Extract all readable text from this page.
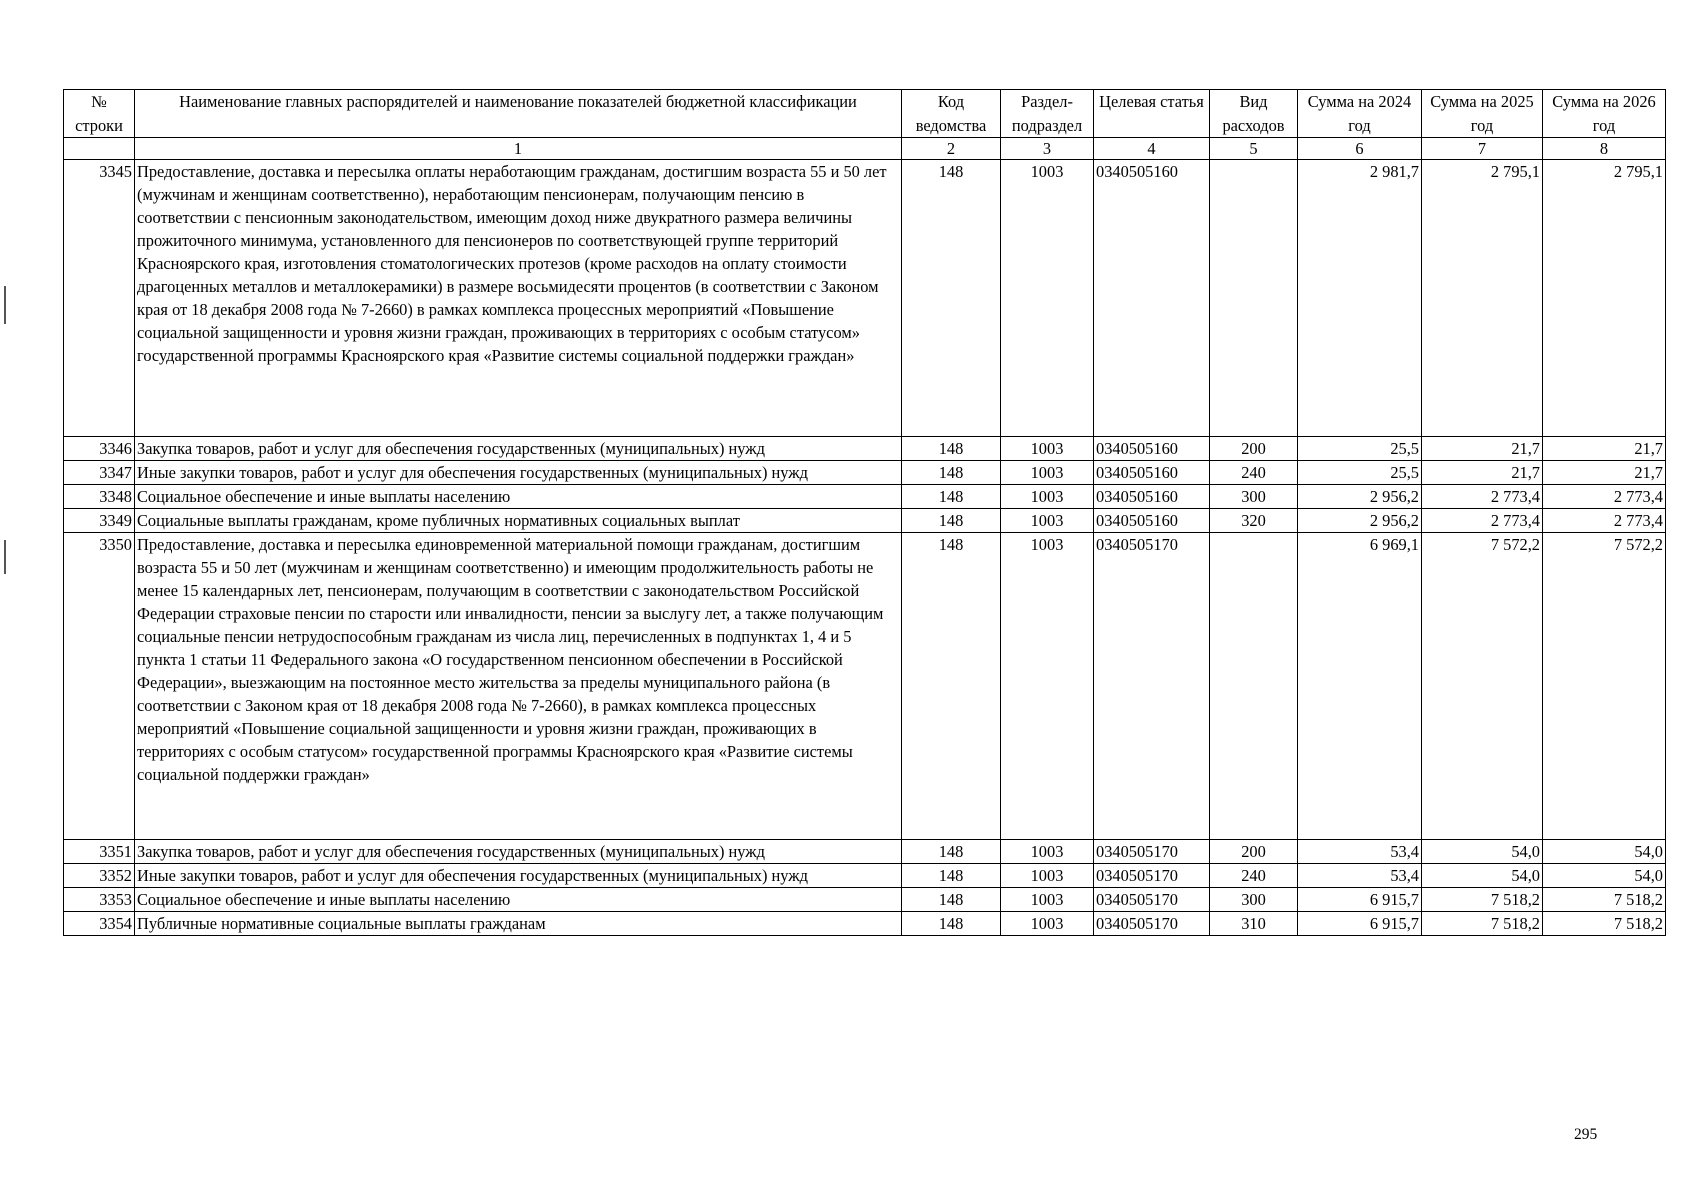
№ строки	Наименование главных распорядителей и наименование показателей бюджетной классификации	Код ведомства	Раздел-подраздел	Целевая статья	Вид расходов	Сумма на 2024 год	Сумма на 2025 год	Сумма на 2026 год
	1	2	3	4	5	6	7	8
3345	Предоставление, доставка и пересылка оплаты неработающим гражданам, достигшим возраста 55 и 50 лет (мужчинам и женщинам соответственно), неработающим пенсионерам, получающим пенсию в соответствии с пенсионным законодательством, имеющим доход ниже двукратного размера величины прожиточного минимума, установленного для пенсионеров по соответствующей группе территорий Красноярского края, изготовления стоматологических протезов (кроме расходов на оплату стоимости драгоценных металлов и металлокерамики) в размере восьмидесяти процентов (в соответствии с Законом края от 18 декабря 2008 года № 7-2660) в рамках комплекса процессных мероприятий «Повышение социальной защищенности и уровня жизни граждан, проживающих в территориях с особым статусом» государственной программы Красноярского края «Развитие системы социальной поддержки граждан»	148	1003	0340505160		2 981,7	2 795,1	2 795,1
3346	Закупка товаров, работ и услуг для обеспечения государственных (муниципальных) нужд	148	1003	0340505160	200	25,5	21,7	21,7
3347	Иные закупки товаров, работ и услуг для обеспечения государственных (муниципальных) нужд	148	1003	0340505160	240	25,5	21,7	21,7
3348	Социальное обеспечение и иные выплаты населению	148	1003	0340505160	300	2 956,2	2 773,4	2 773,4
3349	Социальные выплаты гражданам, кроме публичных нормативных социальных выплат	148	1003	0340505160	320	2 956,2	2 773,4	2 773,4
3350	Предоставление, доставка и пересылка единовременной материальной помощи гражданам, достигшим возраста 55 и 50 лет (мужчинам и женщинам соответственно) и имеющим продолжительность работы не менее 15 календарных лет, пенсионерам, получающим в соответствии с законодательством Российской Федерации страховые пенсии по старости или инвалидности, пенсии за выслугу лет, а также получающим социальные пенсии нетрудоспособным гражданам из числа лиц, перечисленных в подпунктах 1, 4 и 5 пункта 1 статьи 11 Федерального закона «О государственном пенсионном обеспечении в Российской Федерации», выезжающим на постоянное место жительства за пределы муниципального района (в соответствии с Законом края от 18 декабря 2008 года № 7-2660), в рамках комплекса процессных мероприятий «Повышение социальной защищенности и уровня жизни граждан, проживающих в территориях с особым статусом» государственной программы Красноярского края «Развитие системы социальной поддержки граждан»	148	1003	0340505170		6 969,1	7 572,2	7 572,2
3351	Закупка товаров, работ и услуг для обеспечения государственных (муниципальных) нужд	148	1003	0340505170	200	53,4	54,0	54,0
3352	Иные закупки товаров, работ и услуг для обеспечения государственных (муниципальных) нужд	148	1003	0340505170	240	53,4	54,0	54,0
3353	Социальное обеспечение и иные выплаты населению	148	1003	0340505170	300	6 915,7	7 518,2	7 518,2
3354	Публичные нормативные социальные выплаты гражданам	148	1003	0340505170	310	6 915,7	7 518,2	7 518,2
295
